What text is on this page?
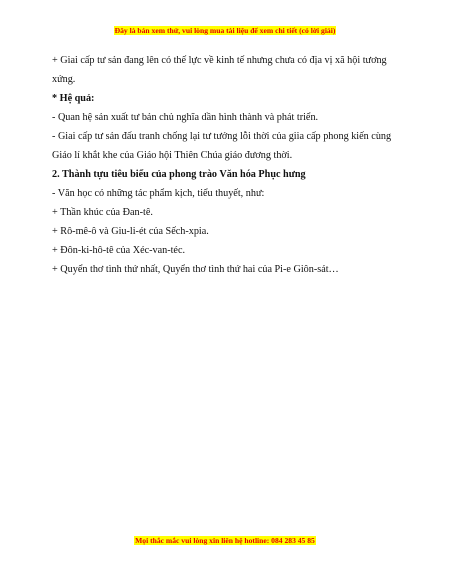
Đây là bản xem thử, vui lòng mua tài liệu để xem chi tiết (có lời giải)
+ Giai cấp tư sản đang lên có thế lực về kinh tế nhưng chưa có địa vị xã hội tương
xứng.
* Hệ quả:
- Quan hệ sản xuất tư bản chủ nghĩa dần hình thành và phát triển.
- Giai cấp tư sản đấu tranh chống lại tư tưởng lỗi thời của giia cấp phong kiến cùng
Giáo lí khắt khe của Giáo hội Thiên Chúa giáo đương thời.
2. Thành tựu tiêu biểu của phong trào Văn hóa Phục hưng
- Văn học có những tác phẩm kịch, tiểu thuyết, như:
+ Thần khúc của Đan-tê.
+ Rô-mê-ô và Giu-li-ét của Sếch-xpia.
+ Đôn-ki-hô-tê của Xéc-van-téc.
+ Quyển thơ tình thứ nhất, Quyển thơ tình thứ hai của Pi-e Giôn-sát…
Mọi thắc mắc vui lòng xin liên hệ hotline: 084 283 45 85
